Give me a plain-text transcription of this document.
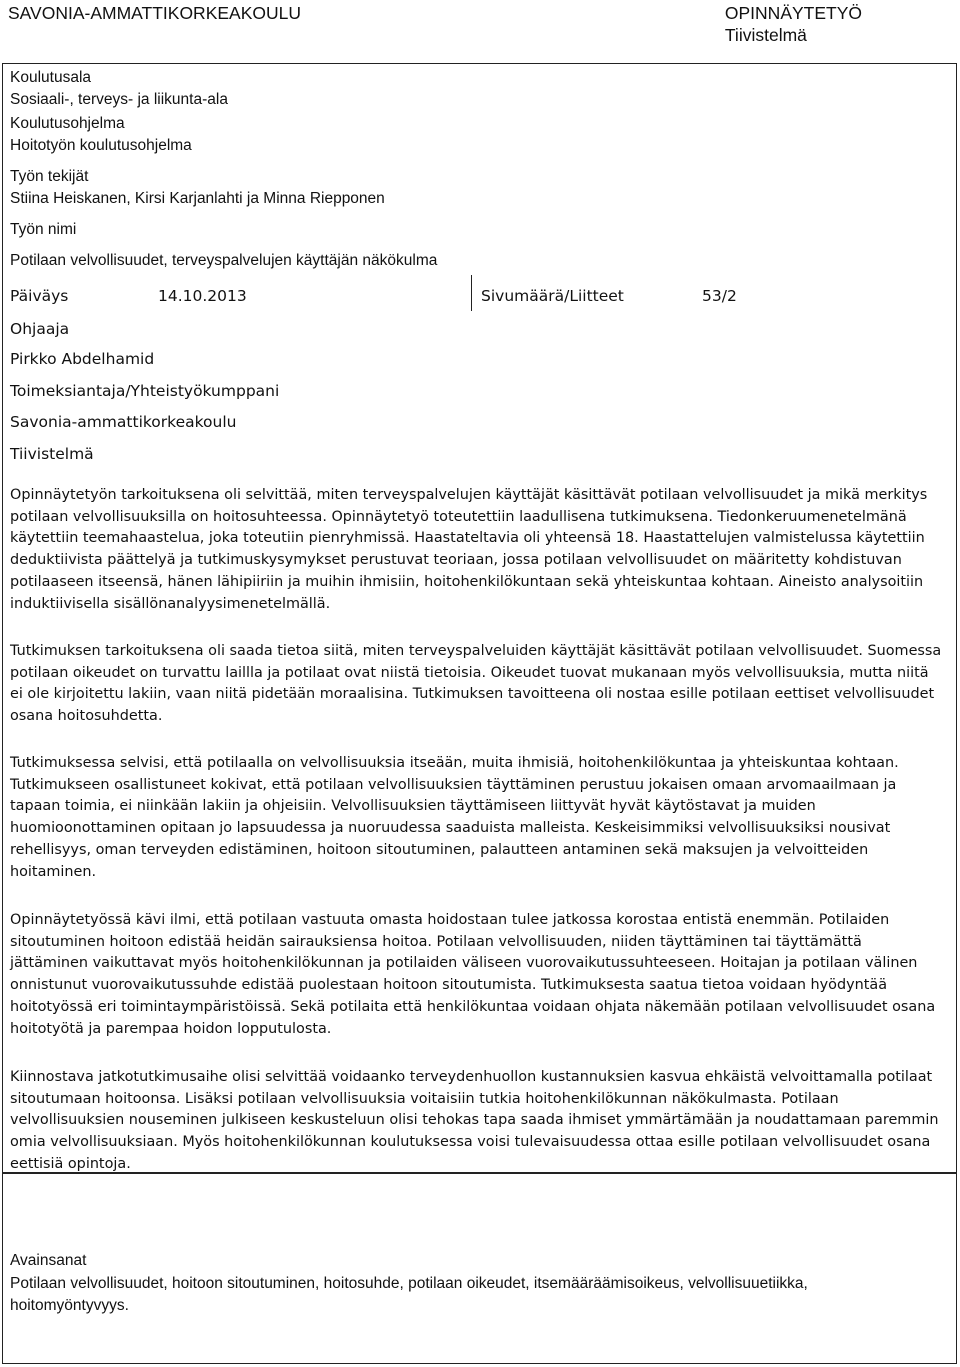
SAVONIA-AMMATTIKORKEAKOULU	OPINNÄYTETYÖ
Tiivistelmä
Koulutusala
Sosiaali-, terveys- ja liikunta-ala
Koulutusohjelma
Hoitotyön koulutusohjelma
Työn tekijät
Stiina Heiskanen, Kirsi Karjanlahti ja Minna Riepponen
Työn nimi
Potilaan velvollisuudet, terveyspalvelujen käyttäjän näkökulma
Päiväys	14.10.2013	Sivumäärä/Liitteet	53/2
Ohjaaja
Pirkko Abdelhamid
Toimeksiantaja/Yhteistyökumppani
Savonia-ammattikorkeakoulu
Tiivistelmä

Opinnäytetyön tarkoituksena oli selvittää, miten terveyspalvelujen käyttäjät käsittävät potilaan velvollisuudet ja mikä merkitys potilaan velvollisuuksilla on hoitosuhteessa. Opinnäytetyö toteutettiin laadullisena tutkimuksena. Tiedonkeruumenetelmänä käytettiin teemahaastelua, joka toteutiin pienryhmissä. Haastateltavia oli yhteensä 18. Haastattelujen valmistelussa käytettiin deduktiivista päättelyä ja tutkimuskysymykset perustuvat teoriaan, jossa potilaan velvollisuudet on määritetty kohdistuvan potilaaseen itseensä, hänen lähipiiriin ja muihin ihmisiin, hoitohenkilökuntaan sekä yhteiskuntaa kohtaan. Aineisto analysoitiin induktiivisella sisällönanalyysimenetelmällä.

Tutkimuksen tarkoituksena oli saada tietoa siitä, miten terveyspalveluiden käyttäjät käsittävät potilaan velvollisuudet. Suomessa potilaan oikeudet on turvattu laillla ja potilaat ovat niistä tietoisia. Oikeudet tuovat mukanaan myös velvollisuuksia, mutta niitä ei ole kirjoitettu lakiin, vaan niitä pidetään moraalisina. Tutkimuksen tavoitteena oli nostaa esille potilaan eettiset velvollisuudet osana hoitosuhdetta.

Tutkimuksessa selvisi, että potilaalla on velvollisuuksia itseään, muita ihmisiä, hoitohenkilökuntaa ja yhteiskuntaa kohtaan. Tutkimukseen osallistuneet kokivat, että potilaan velvollisuuksien täyttäminen perustuu jokaisen omaan arvomaailmaan ja tapaan toimia, ei niinkään lakiin ja ohjeisiin. Velvollisuuksien täyttämiseen liittyvät hyvät käytöstavat ja muiden huomioonottaminen opitaan jo lapsuudessa ja nuoruudessa saaduista malleista. Keskeisimmiksi velvollisuuksiksi nousivat rehellisyys, oman terveyden edistäminen, hoitoon sitoutuminen, palautteen antaminen sekä maksujen ja velvoitteiden hoitaminen.

Opinnäytetyössä kävi ilmi, että potilaan vastuuta omasta hoidostaan tulee jatkossa korostaa entistä enemmän. Potilaiden sitoutuminen hoitoon edistää heidän sairauksiensa hoitoa. Potilaan velvollisuuden, niiden täyttäminen tai täyttämättä jättäminen vaikuttavat myös hoitohenkilökunnan ja potilaiden väliseen vuorovaikutussuhteeseen. Hoitajan ja potilaan välinen onnistunut vuorovaikutussuhde edistää puolestaan hoitoon sitoutumista. Tutkimuksesta saatua tietoa voidaan hyödyntää hoitotyössä eri toimintaympäristöissä. Sekä potilaita että henkilökuntaa voidaan ohjata näkemään potilaan velvollisuudet osana hoitotyötä ja parempaa hoidon lopputulosta.

Kiinnostava jatkotutkimusaihe olisi selvittää voidaanko terveydenhuollon kustannuksien kasvua ehkäistä velvoittamalla potilaat sitoutumaan hoitoonsa. Lisäksi potilaan velvollisuuksia voitaisiin tutkia hoitohenkilökunnan näkökulmasta. Potilaan velvollisuuksien nouseminen julkiseen keskusteluun olisi tehokas tapa saada ihmiset ymmärtämään ja noudattamaan paremmin omia velvollisuuksiaan. Myös hoitohenkilökunnan koulutuksessa voisi tulevaisuudessa ottaa esille potilaan velvollisuudet osana eettisiä opintoja.

Avainsanat
Potilaan velvollisuudet, hoitoon sitoutuminen, hoitosuhde, potilaan oikeudet, itsemääräämisoikeus, velvollisuuetiikka, hoitomyöntyvyys.
